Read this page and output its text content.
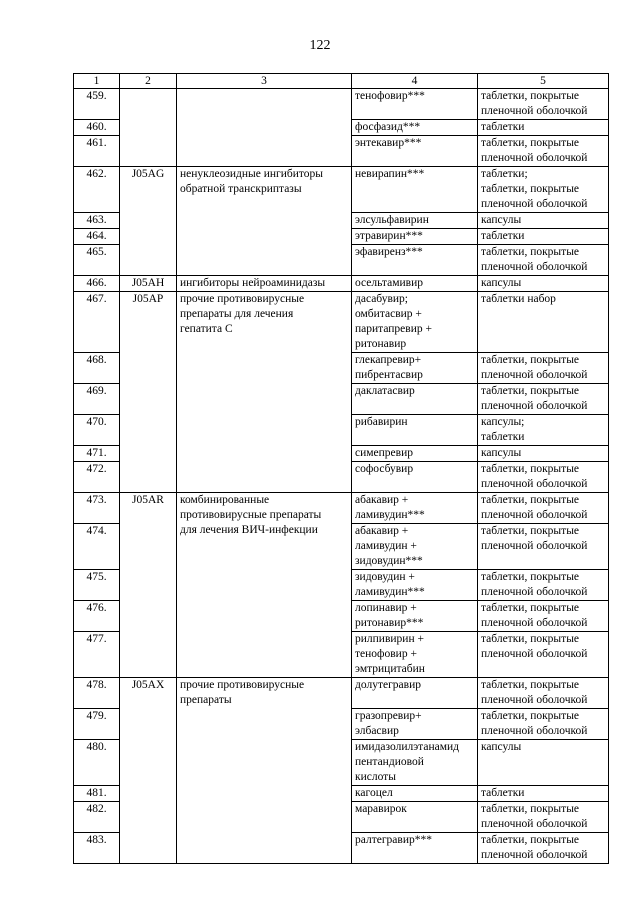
122
1	2	3	4	5
459.			тенофовир***	таблетки, покрытые
пленочной оболочкой
460.			фосфазид***	таблетки
461.			энтекавир***	таблетки, покрытые
пленочной оболочкой
462.	J05AG	ненуклеозидные ингибиторы
обратной транскриптазы	невирапин***	таблетки;
таблетки, покрытые
пленочной оболочкой
463.			элсульфавирин	капсулы
464.			этравирин***	таблетки
465.			эфавиренз***	таблетки, покрытые
пленочной оболочкой
466.	J05AH	ингибиторы нейроаминидазы	осельтамивир	капсулы
467.	J05AP	прочие противовирусные
препараты для лечения
гепатита C	дасабувир;
омбитасвир +
паритапревир +
ритонавир	таблетки набор
468.			глекапревир+
пибрентасвир	таблетки, покрытые
пленочной оболочкой
469.			даклатасвир	таблетки, покрытые
пленочной оболочкой
470.			рибавирин	капсулы;
таблетки
471.			симепревир	капсулы
472.			софосбувир	таблетки, покрытые
пленочной оболочкой
473.	J05AR	комбинированные
противовирусные препараты
для лечения ВИЧ-инфекции	абакавир +
ламивудин***	таблетки, покрытые
пленочной оболочкой
474.			абакавир +
ламивудин +
зидовудин***	таблетки, покрытые
пленочной оболочкой
475.			зидовудин +
ламивудин***	таблетки, покрытые
пленочной оболочкой
476.			лопинавир +
ритонавир***	таблетки, покрытые
пленочной оболочкой
477.			рилпивирин +
тенофовир +
эмтрицитабин	таблетки, покрытые
пленочной оболочкой
478.	J05AX	прочие противовирусные
препараты	долутегравир	таблетки, покрытые
пленочной оболочкой
479.			гразопревир+
элбасвир	таблетки, покрытые
пленочной оболочкой
480.			имидазолилэтанамид
пентандиовой
кислоты	капсулы
481.			кагоцел	таблетки
482.			маравирок	таблетки, покрытые
пленочной оболочкой
483.			ралтегравир***	таблетки, покрытые
пленочной оболочкой
